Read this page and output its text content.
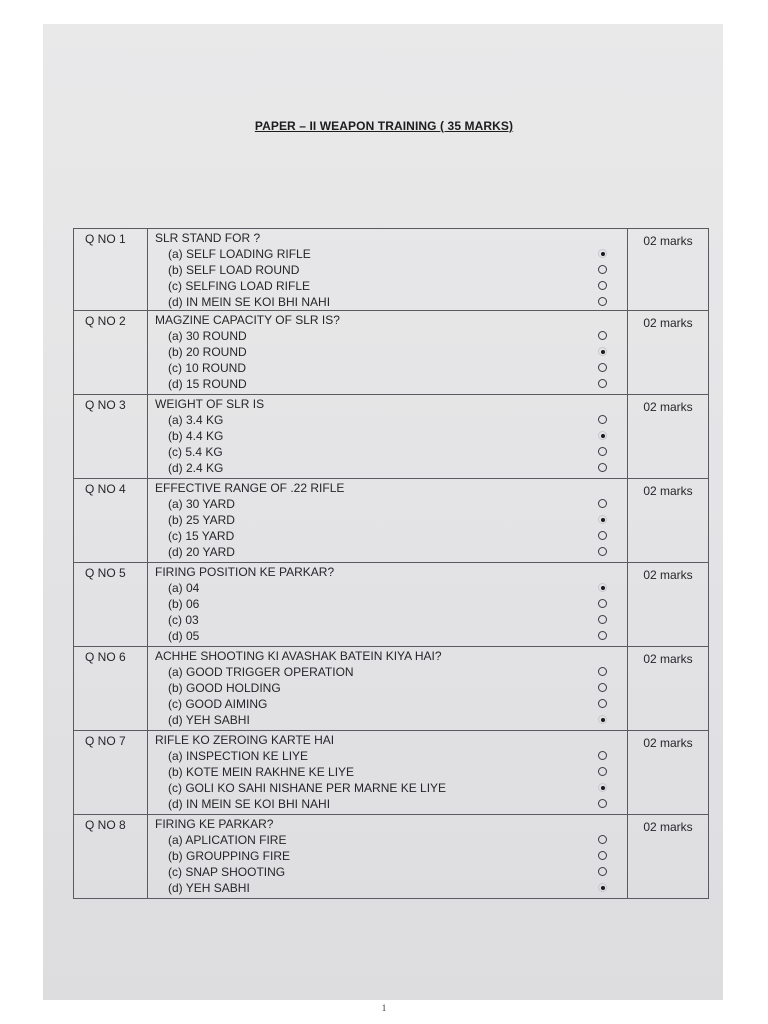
PAPER – II WEAPON TRAINING ( 35 MARKS)
Q NO 1	SLR STAND FOR ?
(a) SELF LOADING RIFLE
(b) SELF LOAD ROUND
(c) SELFING LOAD RIFLE
(d) IN MEIN SE KOI BHI NAHI	02 marks
Q NO 2	MAGZINE CAPACITY OF SLR IS?
(a) 30 ROUND
(b) 20 ROUND
(c) 10 ROUND
(d) 15 ROUND	02 marks
Q NO 3	WEIGHT OF SLR IS
(a) 3.4 KG
(b) 4.4 KG
(c) 5.4 KG
(d) 2.4 KG	02 marks
Q NO 4	EFFECTIVE RANGE OF .22 RIFLE
(a) 30 YARD
(b) 25 YARD
(c) 15 YARD
(d) 20 YARD	02 marks
Q NO 5	FIRING POSITION KE PARKAR?
(a) 04
(b) 06
(c) 03
(d) 05	02 marks
Q NO 6	ACHHE SHOOTING KI AVASHAK BATEIN KIYA HAI?
(a) GOOD TRIGGER OPERATION
(b) GOOD HOLDING
(c) GOOD AIMING
(d) YEH SABHI	02 marks
Q NO 7	RIFLE KO ZEROING KARTE HAI
(a) INSPECTION KE LIYE
(b) KOTE MEIN RAKHNE KE LIYE
(c) GOLI KO SAHI NISHANE PER MARNE KE LIYE
(d) IN MEIN SE KOI BHI NAHI	02 marks
Q NO 8	FIRING KE PARKAR?
(a) APLICATION FIRE
(b) GROUPPING FIRE
(c) SNAP SHOOTING
(d) YEH SABHI	02 marks
1
